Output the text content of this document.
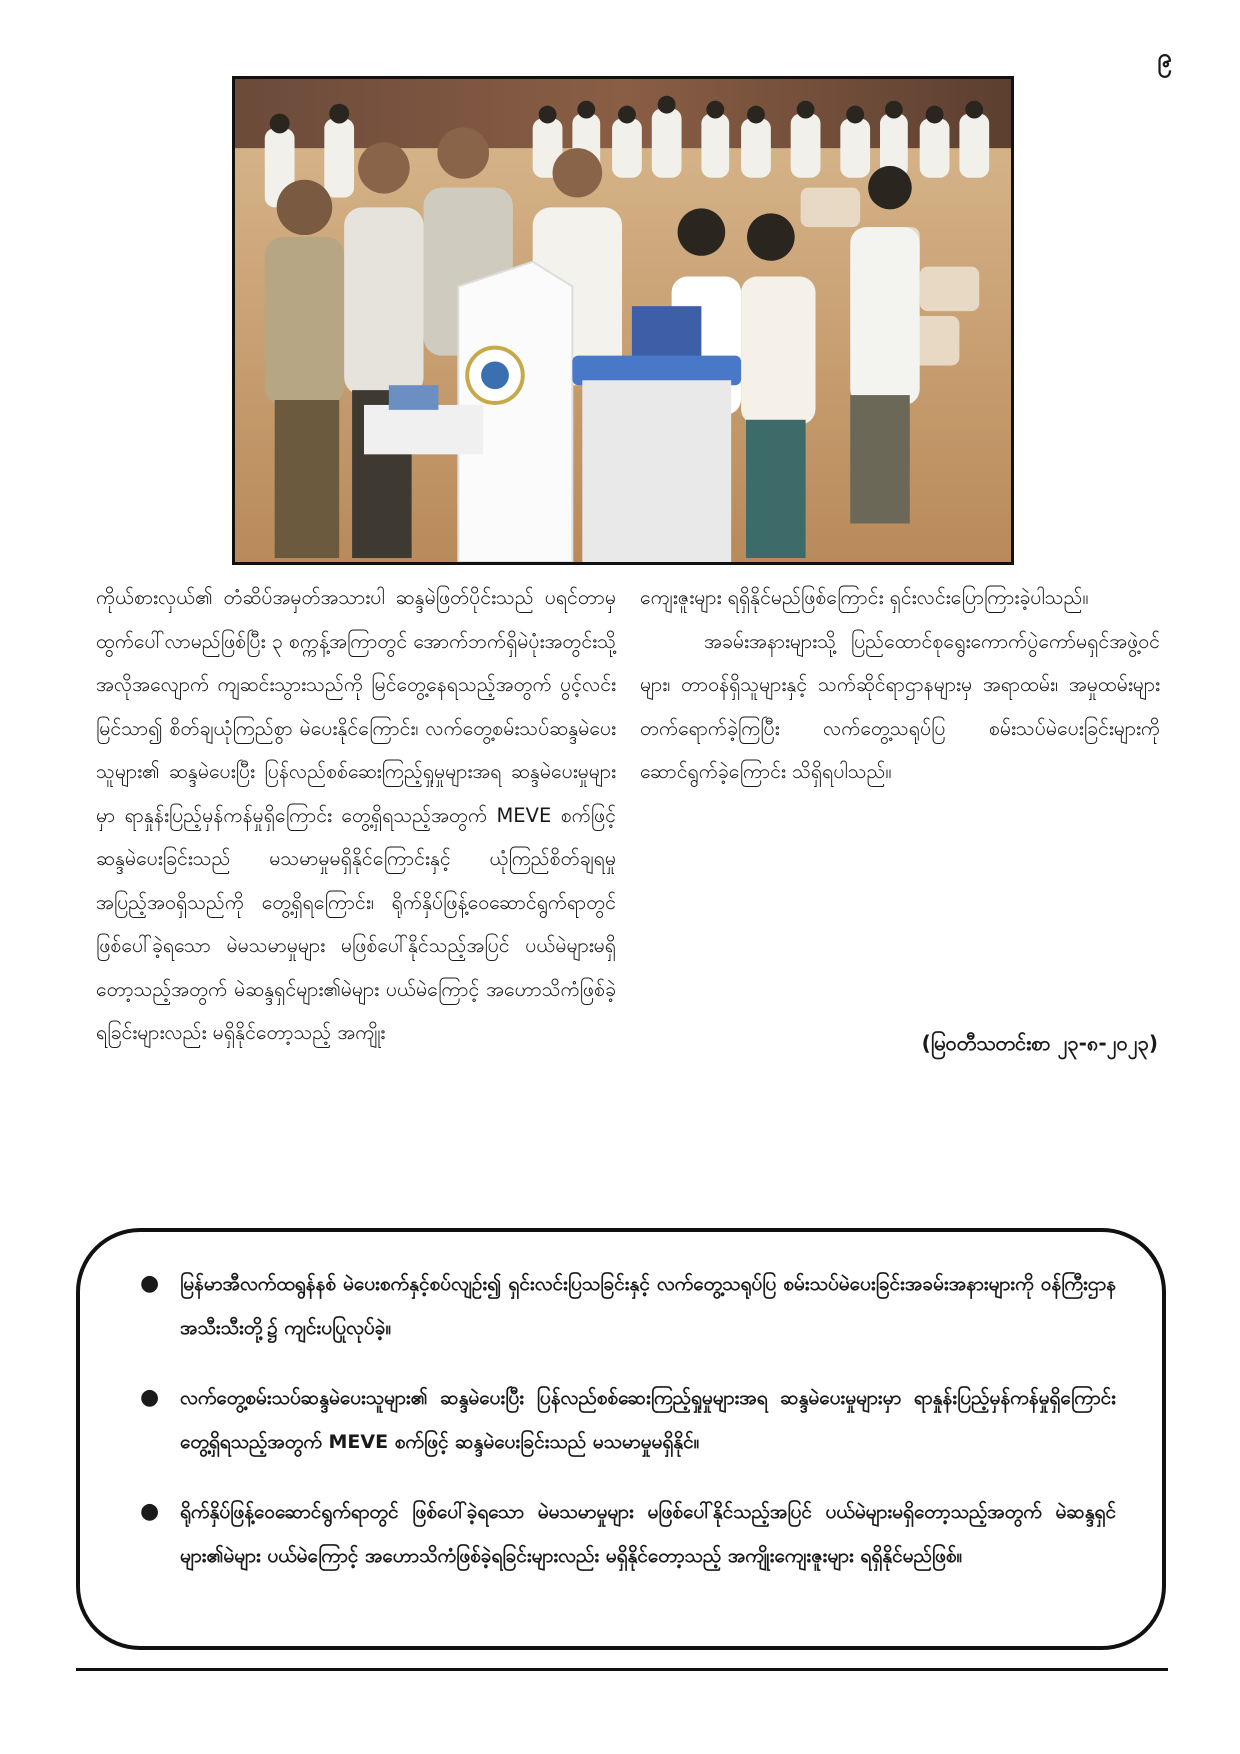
၉

ကိုယ်စားလှယ်၏ တံဆိပ်အမှတ်အသားပါ ဆန္ဒမဲဖြတ်ပိုင်းသည် ပရင်တာမှ ထွက်ပေါ်လာမည်ဖြစ်ပြီး ၃ စက္ကန့်အကြာတွင် အောက်ဘက်ရှိမဲပုံးအတွင်းသို့ အလိုအလျောက် ကျဆင်းသွားသည်ကို မြင်တွေ့နေရသည့်အတွက် ပွင့်လင်းမြင်သာ၍ စိတ်ချယုံကြည်စွာ မဲပေးနိုင်ကြောင်း၊ လက်တွေ့စမ်းသပ်ဆန္ဒမဲပေးသူများ၏ ဆန္ဒမဲပေးပြီး ပြန်လည်စစ်ဆေးကြည့်ရှုမှုများအရ ဆန္ဒမဲပေးမှုများမှာ ရာနှုန်းပြည့်မှန်ကန်မှုရှိကြောင်း တွေ့ရှိရသည့်အတွက် MEVE စက်ဖြင့် ဆန္ဒမဲပေးခြင်းသည် မသမာမှုမရှိနိုင်ကြောင်းနှင့် ယုံကြည်စိတ်ချရမှု အပြည့်အဝရှိသည်ကို တွေ့ရှိရကြောင်း၊ ရိုက်နှိပ်ဖြန့်ဝေဆောင်ရွက်ရာတွင် ဖြစ်ပေါ်ခဲ့ရသော မဲမသမာမှုများ မဖြစ်ပေါ်နိုင်သည့်အပြင် ပယ်မဲများမရှိတော့သည့်အတွက် မဲဆန္ဒရှင်များ၏မဲများ ပယ်မဲကြောင့် အဟောသိကံဖြစ်ခဲ့ရခြင်းများလည်း မရှိနိုင်တော့သည့် အကျိုး

ကျေးဇူးများ ရရှိနိုင်မည်ဖြစ်ကြောင်း ရှင်းလင်းပြောကြားခဲ့ပါသည်။

အခမ်းအနားများသို့ ပြည်ထောင်စုရွေးကောက်ပွဲကော်မရှင်အဖွဲ့ဝင်များ၊ တာဝန်ရှိသူများနှင့် သက်ဆိုင်ရာဌာနများမှ အရာထမ်း၊ အမှုထမ်းများ တက်ရောက်ခဲ့ကြပြီး လက်တွေ့သရုပ်ပြ စမ်းသပ်မဲပေးခြင်းများကို ဆောင်ရွက်ခဲ့ကြောင်း သိရှိရပါသည်။

(မြဝတီသတင်းစာ ၂၃-၈-၂၀၂၃)
● မြန်မာအီလက်ထရွန်နစ် မဲပေးစက်နှင့်စပ်လျဉ်း၍ ရှင်းလင်းပြသခြင်းနှင့် လက်တွေ့သရုပ်ပြ စမ်းသပ်မဲပေးခြင်းအခမ်းအနားများကို ဝန်ကြီးဌာနအသီးသီးတို့၌ ကျင်းပပြုလုပ်ခဲ့။
● လက်တွေ့စမ်းသပ်ဆန္ဒမဲပေးသူများ၏ ဆန္ဒမဲပေးပြီး ပြန်လည်စစ်ဆေးကြည့်ရှုမှုများအရ ဆန္ဒမဲပေးမှုများမှာ ရာနှုန်းပြည့်မှန်ကန်မှုရှိကြောင်း တွေ့ရှိရသည့်အတွက် MEVE စက်ဖြင့် ဆန္ဒမဲပေးခြင်းသည် မသမာမှုမရှိနိုင်။
● ရိုက်နှိပ်ဖြန့်ဝေဆောင်ရွက်ရာတွင် ဖြစ်ပေါ်ခဲ့ရသော မဲမသမာမှုများ မဖြစ်ပေါ်နိုင်သည့်အပြင် ပယ်မဲများမရှိတော့သည့်အတွက် မဲဆန္ဒရှင်များ၏မဲများ ပယ်မဲကြောင့် အဟောသိကံဖြစ်ခဲ့ရခြင်းများလည်း မရှိနိုင်တော့သည့် အကျိုးကျေးဇူးများ ရရှိနိုင်မည်ဖြစ်။
